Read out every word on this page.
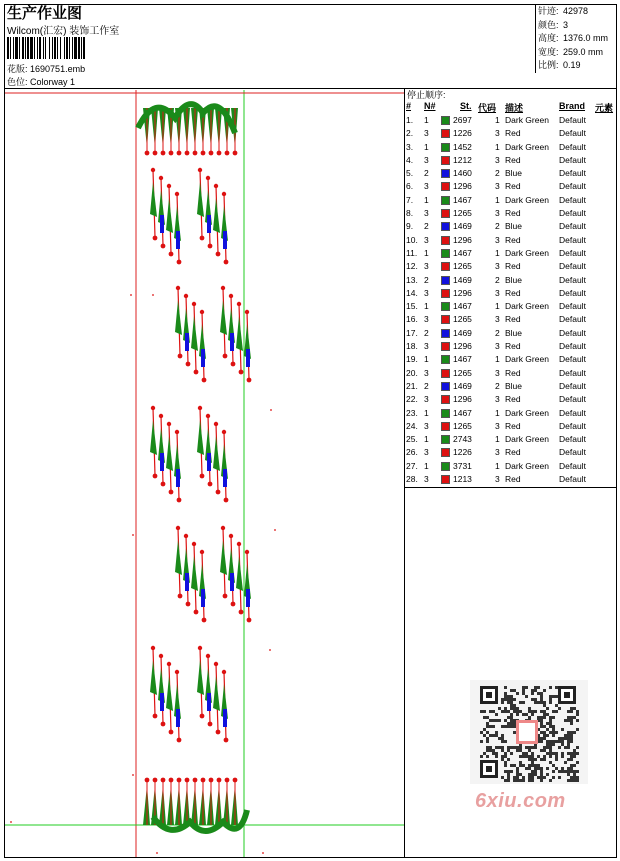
生产作业图
Wilcom(汇宏) 装饰工作室
花版: 1690751.emb
色位: Colorway 1
针迹: 42978
颜色: 3
高度: 1376.0 mm
宽度: 259.0 mm
比例: 0.19
停止顺序:
# N#	St. 代码 描述	Brand 元素
1. 1	2697	1 Dark Green Default
2. 3	1226	3 Red	Default
3. 1	1452	1 Dark Green Default
4. 3	1212	3 Red	Default
5. 2	1460	2 Blue	Default
6. 3	1296	3 Red	Default
7. 1	1467	1 Dark Green Default
8. 3	1265	3 Red	Default
9. 2	1469	2 Blue	Default
10. 3	1296	3 Red	Default
11. 1	1467	1 Dark Green Default
12. 3	1265	3 Red	Default
13. 2	1469	2 Blue	Default
14. 3	1296	3 Red	Default
15. 1	1467	1 Dark Green Default
16. 3	1265	3 Red	Default
17. 2	1469	2 Blue	Default
18. 3	1296	3 Red	Default
19. 1	1467	1 Dark Green Default
20. 3	1265	3 Red	Default
21. 2	1469	2 Blue	Default
22. 3	1296	3 Red	Default
23. 1	1467	1 Dark Green Default
24. 3	1265	3 Red	Default
25. 1	2743	1 Dark Green Default
26. 3	1226	3 Red	Default
27. 1	3731	1 Dark Green Default
28. 3	1213	3 Red	Default
6xiu.com
